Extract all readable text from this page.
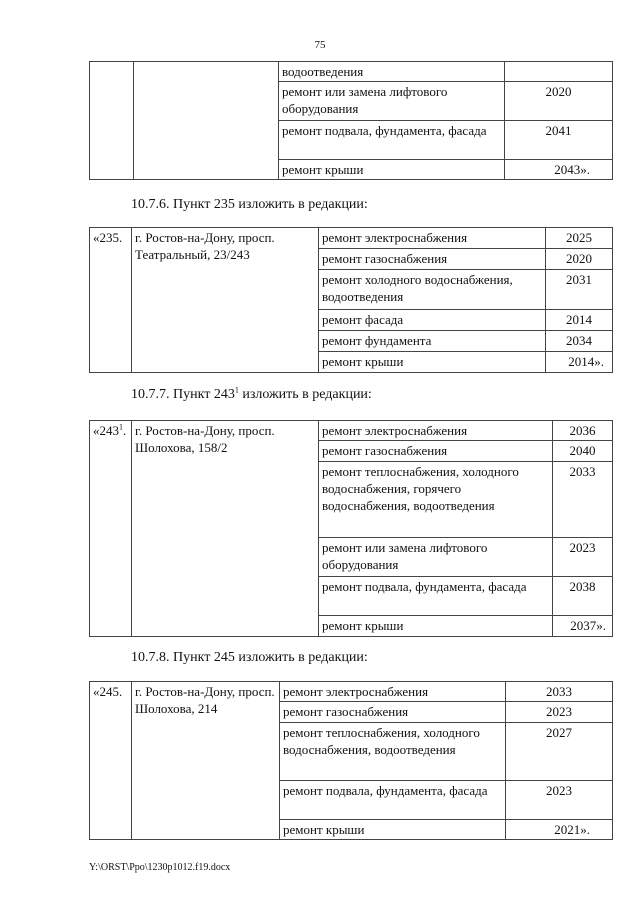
75
		водоотведения	
		ремонт или замена лифтового оборудования	2020
		ремонт подвала, фундамента, фасада	2041
		ремонт крыши	2043».
10.7.6. Пункт 235 изложить в редакции:
«235.	г. Ростов-на-Дону, просп. Театральный, 23/243	ремонт электроснабжения	2025
		ремонт газоснабжения	2020
		ремонт холодного водоснабжения, водоотведения	2031
		ремонт фасада	2014
		ремонт фундамента	2034
		ремонт крыши	2014».
10.7.7. Пункт $243^1$ изложить в редакции:
«$243^1$.	г. Ростов-на-Дону, просп. Шолохова, 158/2	ремонт электроснабжения	2036
		ремонт газоснабжения	2040
		ремонт теплоснабжения, холодного водоснабжения, горячего водоснабжения, водоотведения	2033
		ремонт или замена лифтового оборудования	2023
		ремонт подвала, фундамента, фасада	2038
		ремонт крыши	2037».
10.7.8. Пункт 245 изложить в редакции:
«245.	г. Ростов-на-Дону, просп. Шолохова, 214	ремонт электроснабжения	2033
		ремонт газоснабжения	2023
		ремонт теплоснабжения, холодного водоснабжения, водоотведения	2027
		ремонт подвала, фундамента, фасада	2023
		ремонт крыши	2021».
Y:\ORST\Ppo\1230p1012.f19.docx
